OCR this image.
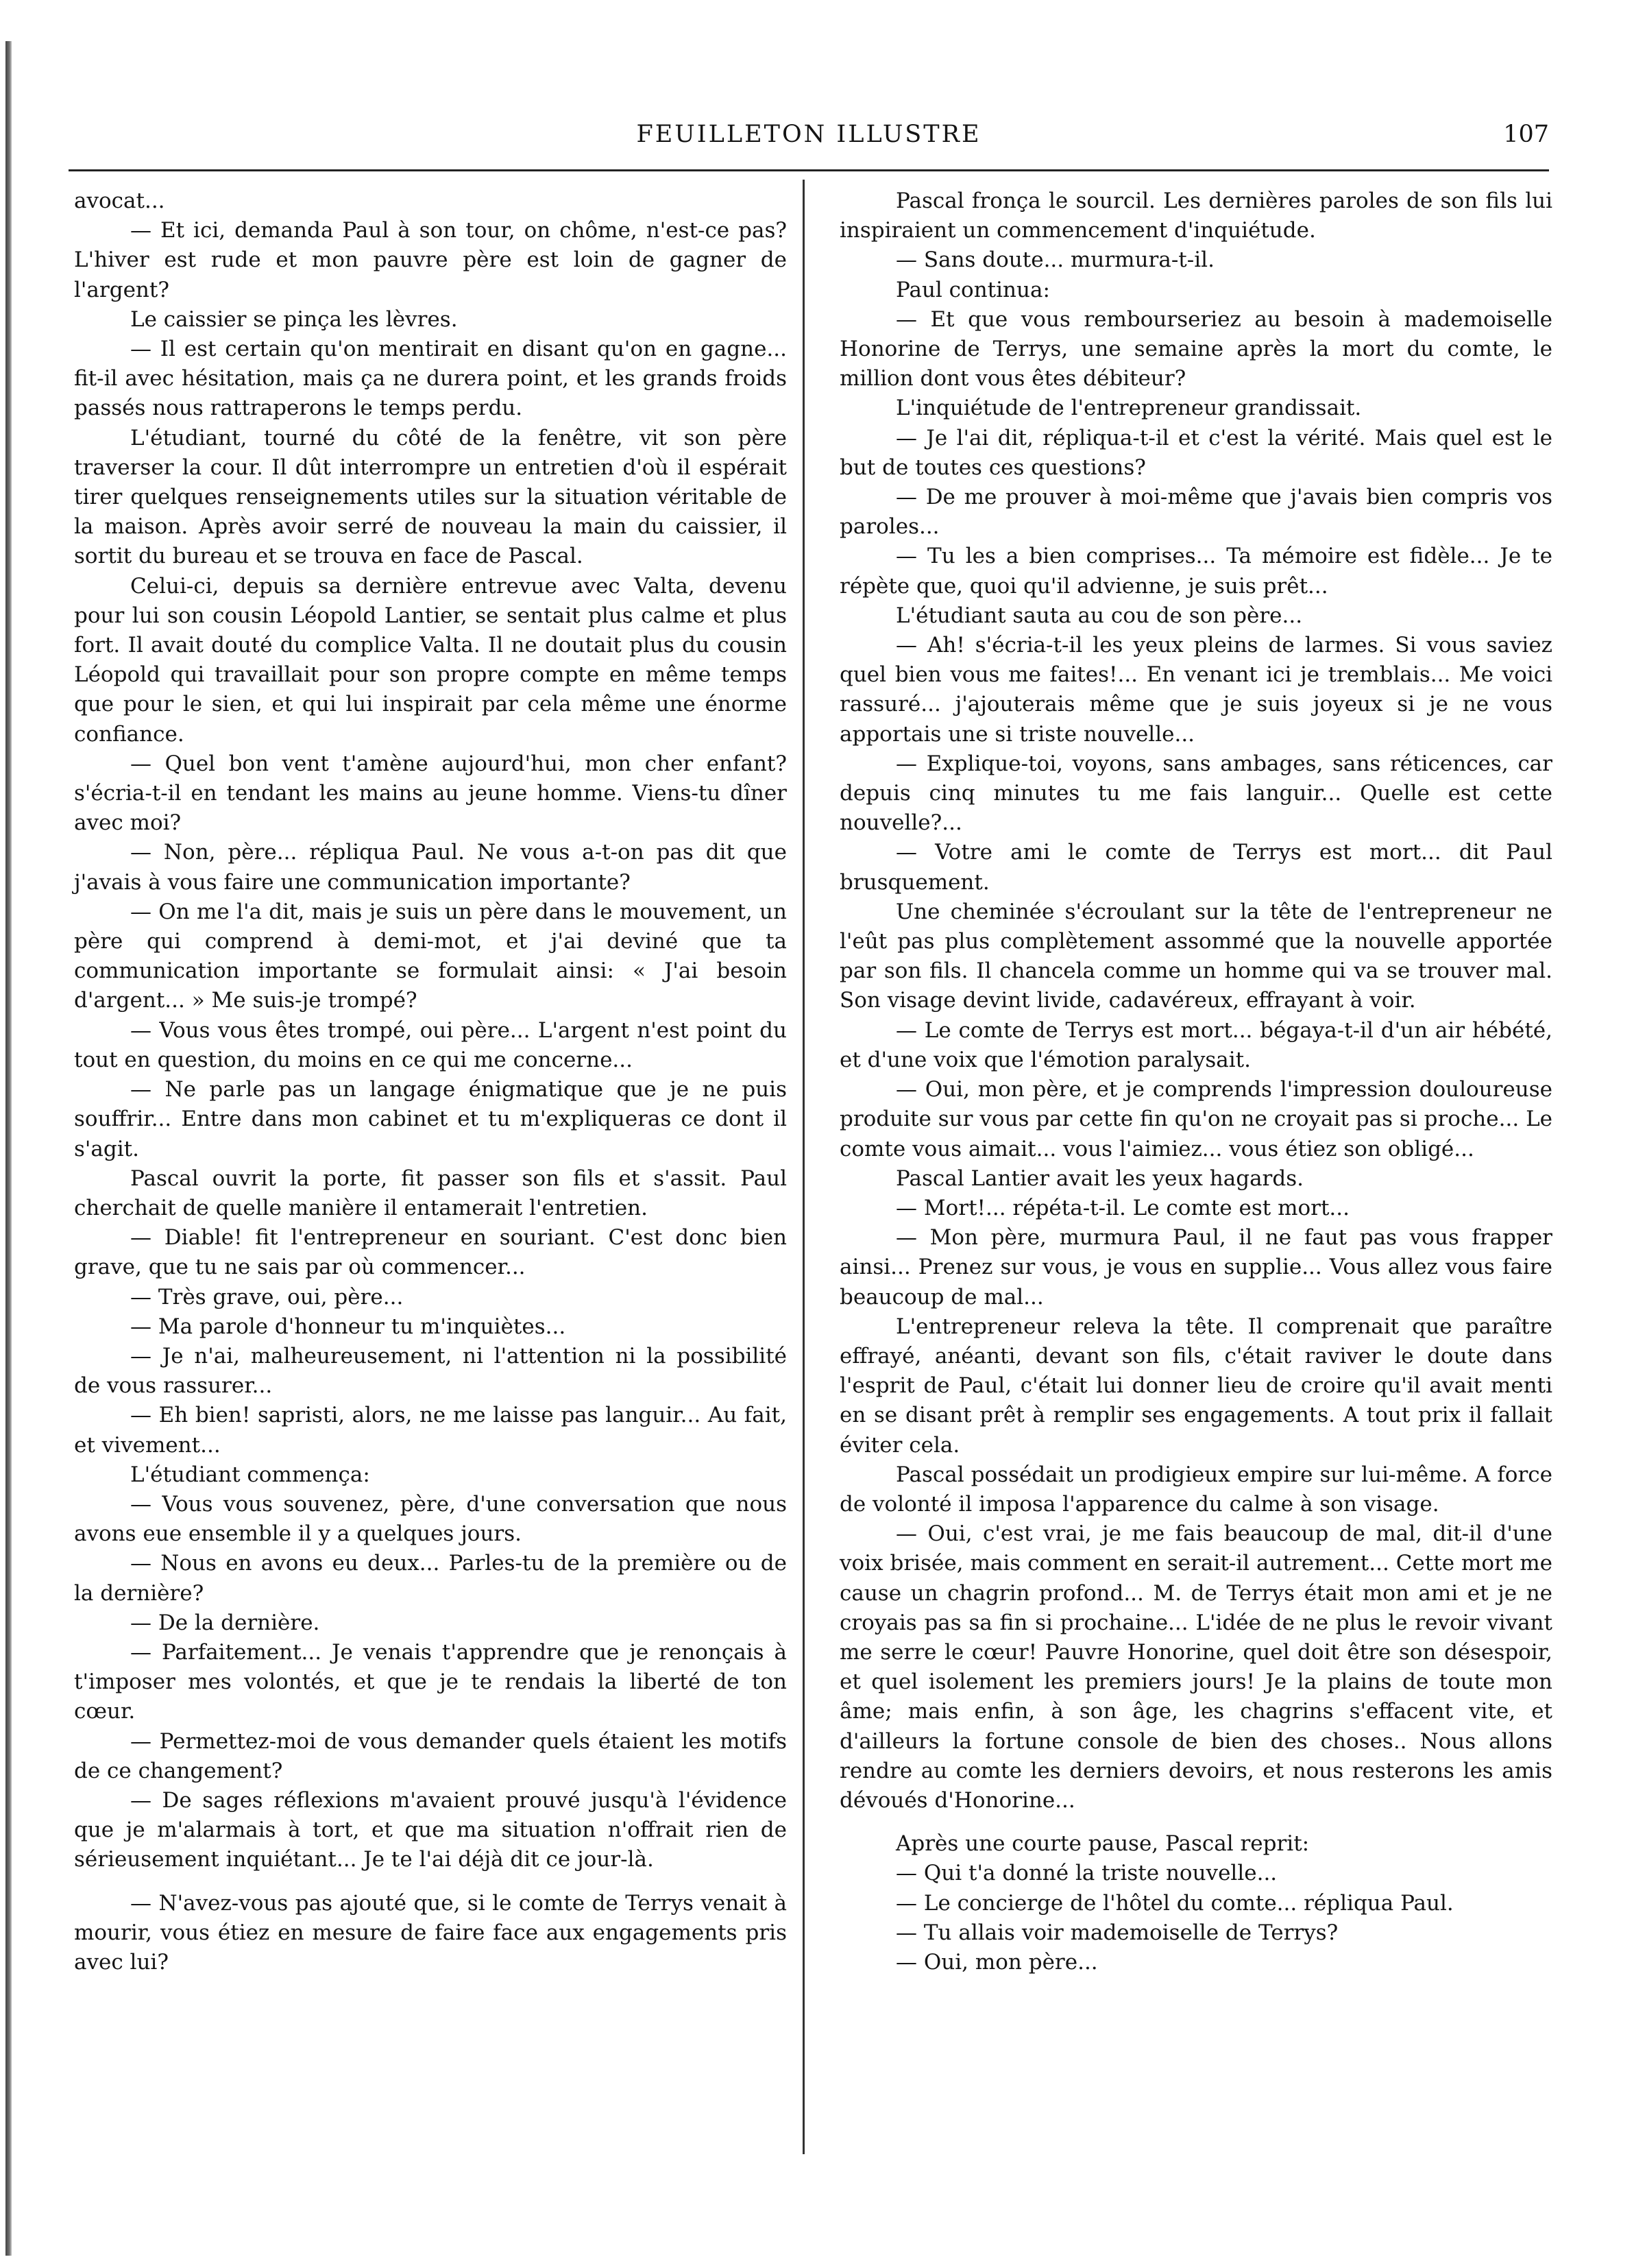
FEUILLETON ILLUSTRE	107

avocat...

— Et ici, demanda Paul à son tour, on chôme, n'est-ce pas? L'hiver est rude et mon pauvre père est loin de gagner de l'argent?

Le caissier se pinça les lèvres.

— Il est certain qu'on mentirait en disant qu'on en gagne... fit-il avec hésitation, mais ça ne durera point, et les grands froids passés nous rattraperons le temps perdu.

L'étudiant, tourné du côté de la fenêtre, vit son père traverser la cour. Il dût interrompre un entretien d'où il espérait tirer quelques renseignements utiles sur la situation véritable de la maison. Après avoir serré de nouveau la main du caissier, il sortit du bureau et se trouva en face de Pascal.

Celui-ci, depuis sa dernière entrevue avec Valta, devenu pour lui son cousin Léopold Lantier, se sentait plus calme et plus fort. Il avait douté du complice Valta. Il ne doutait plus du cousin Léopold qui travaillait pour son propre compte en même temps que pour le sien, et qui lui inspirait par cela même une énorme confiance.

— Quel bon vent t'amène aujourd'hui, mon cher enfant? s'écria-t-il en tendant les mains au jeune homme. Viens-tu dîner avec moi?

— Non, père... répliqua Paul. Ne vous a-t-on pas dit que j'avais à vous faire une communication importante?

— On me l'a dit, mais je suis un père dans le mouvement, un père qui comprend à demi-mot, et j'ai deviné que ta communication importante se formulait ainsi: « J'ai besoin d'argent... » Me suis-je trompé?

— Vous vous êtes trompé, oui père... L'argent n'est point du tout en question, du moins en ce qui me concerne...

— Ne parle pas un langage énigmatique que je ne puis souffrir... Entre dans mon cabinet et tu m'expliqueras ce dont il s'agit.

Pascal ouvrit la porte, fit passer son fils et s'assit. Paul cherchait de quelle manière il entamerait l'entretien.

— Diable! fit l'entrepreneur en souriant. C'est donc bien grave, que tu ne sais par où commencer...

— Très grave, oui, père...

— Ma parole d'honneur tu m'inquiètes...

— Je n'ai, malheureusement, ni l'attention ni la possibilité de vous rassurer...

— Eh bien! sapristi, alors, ne me laisse pas languir... Au fait, et vivement...

L'étudiant commença:

— Vous vous souvenez, père, d'une conversation que nous avons eue ensemble il y a quelques jours.

— Nous en avons eu deux... Parles-tu de la première ou de la dernière?

— De la dernière.

— Parfaitement... Je venais t'apprendre que je renonçais à t'imposer mes volontés, et que je te rendais la liberté de ton cœur.

— Permettez-moi de vous demander quels étaient les motifs de ce changement?

— De sages réflexions m'avaient prouvé jusqu'à l'évidence que je m'alarmais à tort, et que ma situation n'offrait rien de sérieusement inquiétant... Je te l'ai déjà dit ce jour-là.

— N'avez-vous pas ajouté que, si le comte de Terrys venait à mourir, vous étiez en mesure de faire face aux engagements pris avec lui?

Pascal fronça le sourcil. Les dernières paroles de son fils lui inspiraient un commencement d'inquiétude.

— Sans doute... murmura-t-il.

Paul continua:

— Et que vous rembourseriez au besoin à mademoiselle Honorine de Terrys, une semaine après la mort du comte, le million dont vous êtes débiteur?

L'inquiétude de l'entrepreneur grandissait.

— Je l'ai dit, répliqua-t-il et c'est la vérité. Mais quel est le but de toutes ces questions?

— De me prouver à moi-même que j'avais bien compris vos paroles...

— Tu les a bien comprises... Ta mémoire est fidèle... Je te répète que, quoi qu'il advienne, je suis prêt...

L'étudiant sauta au cou de son père...

— Ah! s'écria-t-il les yeux pleins de larmes. Si vous saviez quel bien vous me faites!... En venant ici je tremblais... Me voici rassuré... j'ajouterais même que je suis joyeux si je ne vous apportais une si triste nouvelle...

— Explique-toi, voyons, sans ambages, sans réticences, car depuis cinq minutes tu me fais languir... Quelle est cette nouvelle?...

— Votre ami le comte de Terrys est mort... dit Paul brusquement.

Une cheminée s'écroulant sur la tête de l'entrepreneur ne l'eût pas plus complètement assommé que la nouvelle apportée par son fils. Il chancela comme un homme qui va se trouver mal. Son visage devint livide, cadavéreux, effrayant à voir.

— Le comte de Terrys est mort... bégaya-t-il d'un air hébété, et d'une voix que l'émotion paralysait.

— Oui, mon père, et je comprends l'impression douloureuse produite sur vous par cette fin qu'on ne croyait pas si proche... Le comte vous aimait... vous l'aimiez... vous étiez son obligé...

Pascal Lantier avait les yeux hagards.

— Mort!... répéta-t-il. Le comte est mort...

— Mon père, murmura Paul, il ne faut pas vous frapper ainsi... Prenez sur vous, je vous en supplie... Vous allez vous faire beaucoup de mal...

L'entrepreneur releva la tête. Il comprenait que paraître effrayé, anéanti, devant son fils, c'était raviver le doute dans l'esprit de Paul, c'était lui donner lieu de croire qu'il avait menti en se disant prêt à remplir ses engagements. A tout prix il fallait éviter cela.

Pascal possédait un prodigieux empire sur lui-même. A force de volonté il imposa l'apparence du calme à son visage.

— Oui, c'est vrai, je me fais beaucoup de mal, dit-il d'une voix brisée, mais comment en serait-il autrement... Cette mort me cause un chagrin profond... M. de Terrys était mon ami et je ne croyais pas sa fin si prochaine... L'idée de ne plus le revoir vivant me serre le cœur! Pauvre Honorine, quel doit être son désespoir, et quel isolement les premiers jours! Je la plains de toute mon âme; mais enfin, à son âge, les chagrins s'effacent vite, et d'ailleurs la fortune console de bien des choses.. Nous allons rendre au comte les derniers devoirs, et nous resterons les amis dévoués d'Honorine...

Après une courte pause, Pascal reprit:

— Qui t'a donné la triste nouvelle...

— Le concierge de l'hôtel du comte... répliqua Paul.

— Tu allais voir mademoiselle de Terrys?

— Oui, mon père...
